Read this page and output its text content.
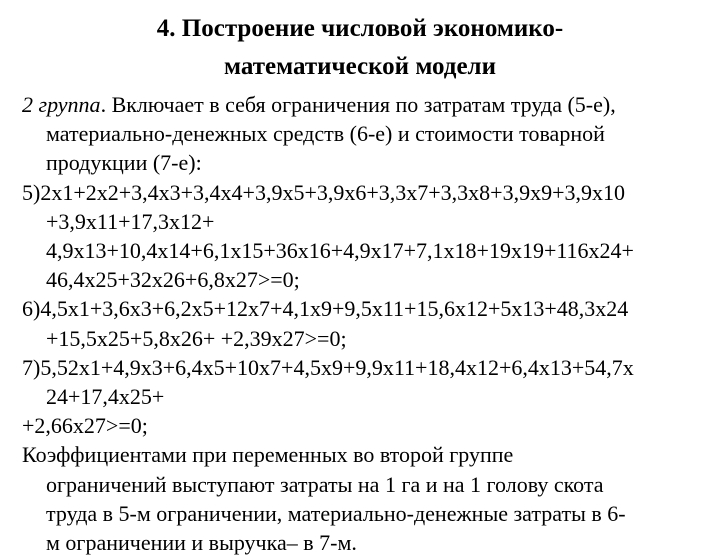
4. Построение числовой экономико-
математической модели
2 группа. Включает в себя ограничения по затратам труда (5-е),
материально-денежных средств (6-е) и стоимости товарной
продукции (7-е):
5)2х1+2х2+3,4х3+3,4х4+3,9х5+3,9х6+3,3х7+3,3х8+3,9х9+3,9х10
+3,9х11+17,3х12+
4,9х13+10,4х14+6,1х15+36х16+4,9х17+7,1х18+19х19+116х24+
46,4х25+32х26+6,8х27>=0;
6)4,5х1+3,6х3+6,2х5+12х7+4,1х9+9,5х11+15,6х12+5х13+48,3х24
+15,5х25+5,8х26+ +2,39х27>=0;
7)5,52х1+4,9х3+6,4х5+10х7+4,5х9+9,9х11+18,4х12+6,4х13+54,7х
24+17,4х25+
+2,66х27>=0;
Коэффициентами при переменных во второй группе
ограничений выступают затраты на 1 га и на 1 голову скота
труда в 5-м ограничении, материально-денежные затраты в 6-
м ограничении и выручка– в 7-м.
